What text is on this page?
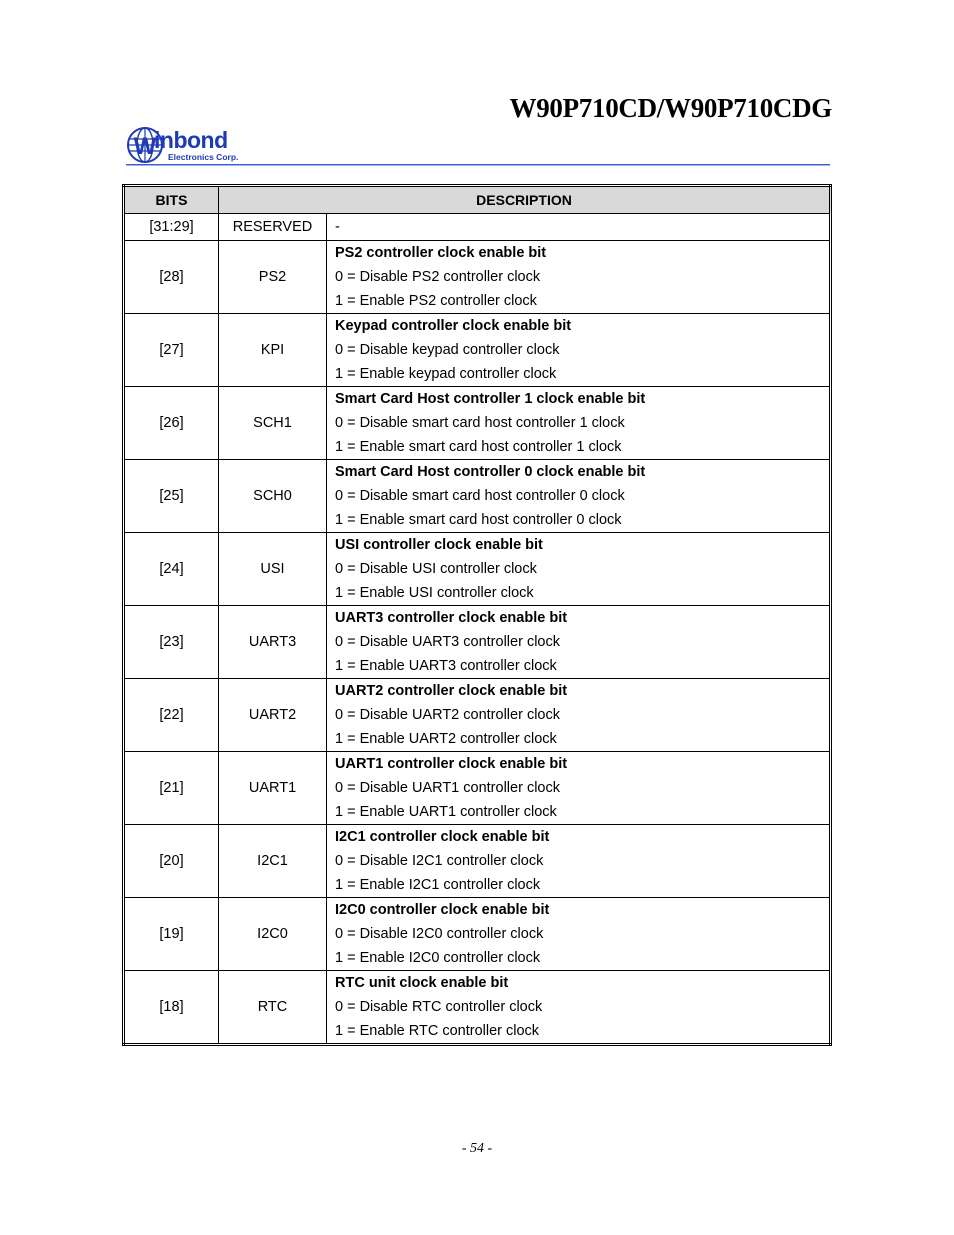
W90P710CD/W90P710CDG
W
inbond
Electronics Corp.
BITS	DESCRIPTION	
[31:29]	RESERVED	-
[28]	PS2	PS2 controller clock enable bit
0 = Disable PS2 controller clock
1 = Enable PS2 controller clock

[27]	KPI	Keypad controller clock enable bit
0 = Disable keypad controller clock
1 = Enable keypad controller clock

[26]	SCH1	Smart Card Host controller 1 clock enable bit
0 = Disable smart card host controller 1 clock
1 = Enable smart card host controller 1 clock

[25]	SCH0	Smart Card Host controller 0 clock enable bit
0 = Disable smart card host controller 0 clock
1 = Enable smart card host controller 0 clock

[24]	USI	USI controller clock enable bit
0 = Disable USI controller clock
1 = Enable USI controller clock

[23]	UART3	UART3 controller clock enable bit
0 = Disable UART3 controller clock
1 = Enable UART3 controller clock

[22]	UART2	UART2 controller clock enable bit
0 = Disable UART2 controller clock
1 = Enable UART2 controller clock

[21]	UART1	UART1 controller clock enable bit
0 = Disable UART1 controller clock
1 = Enable UART1 controller clock

[20]	I2C1	I2C1 controller clock enable bit
0 = Disable I2C1 controller clock
1 = Enable I2C1 controller clock

[19]	I2C0	I2C0 controller clock enable bit
0 = Disable I2C0 controller clock
1 = Enable I2C0 controller clock

[18]	RTC	RTC unit clock enable bit
0 = Disable RTC controller clock
1 = Enable RTC controller clock
- 54 -
